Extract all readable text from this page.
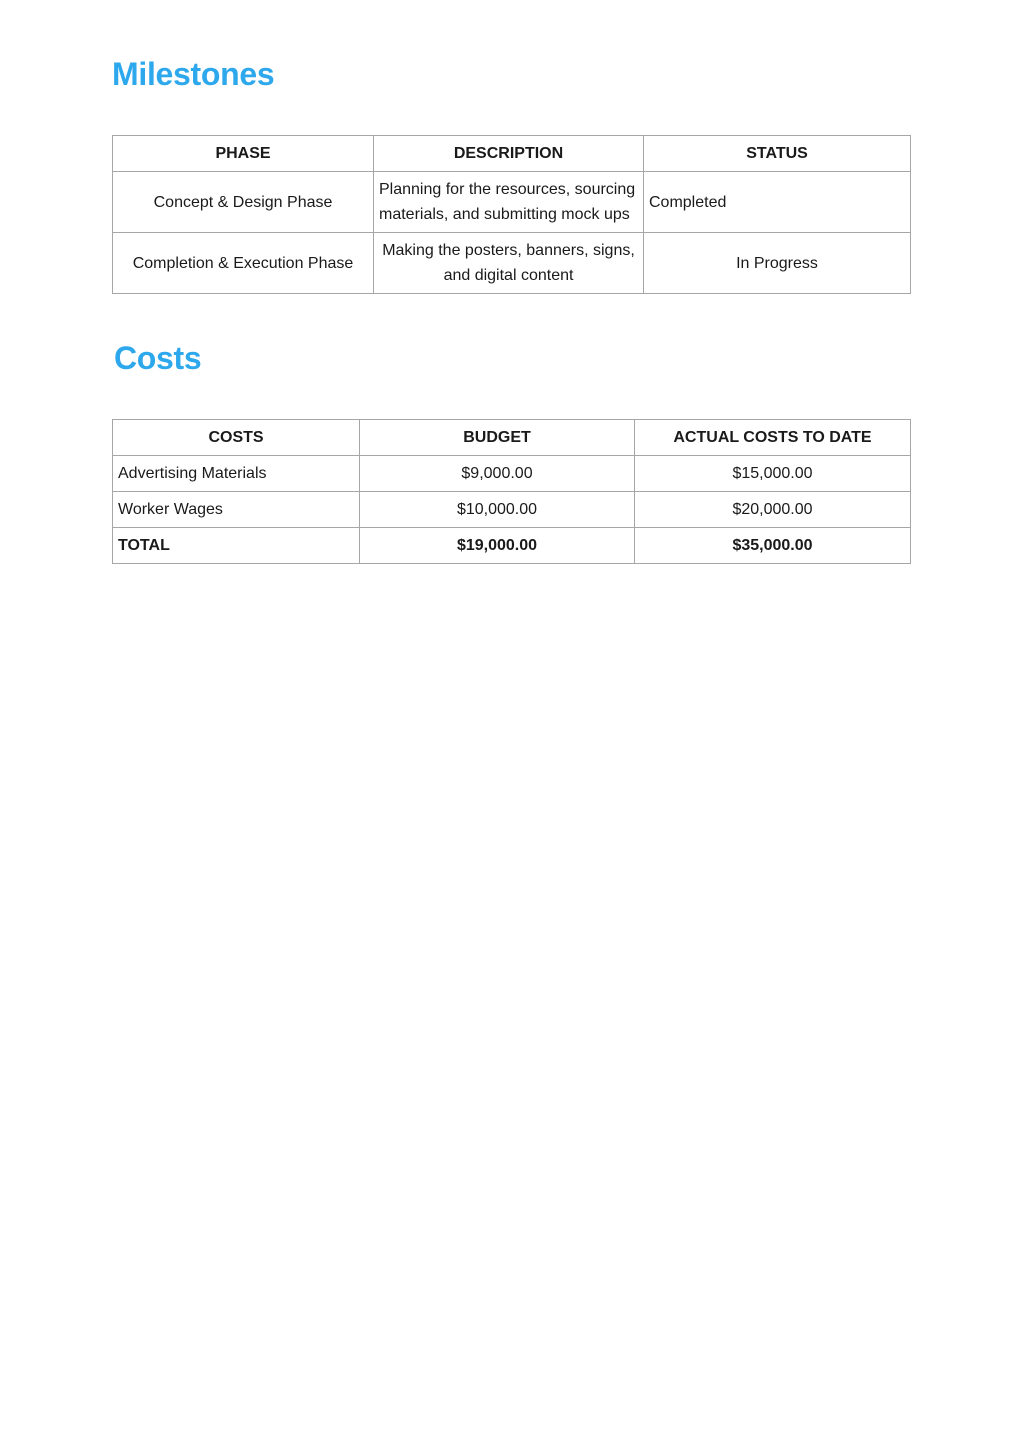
Milestones
PHASE	DESCRIPTION	STATUS
Concept & Design Phase	Planning for the resources, sourcing materials, and submitting mock ups	Completed
Completion & Execution Phase	Making the posters, banners, signs, and digital content	In Progress
Costs
COSTS	BUDGET	ACTUAL COSTS TO DATE
Advertising Materials	$9,000.00	$15,000.00
Worker Wages	$10,000.00	$20,000.00
TOTAL	$19,000.00	$35,000.00
